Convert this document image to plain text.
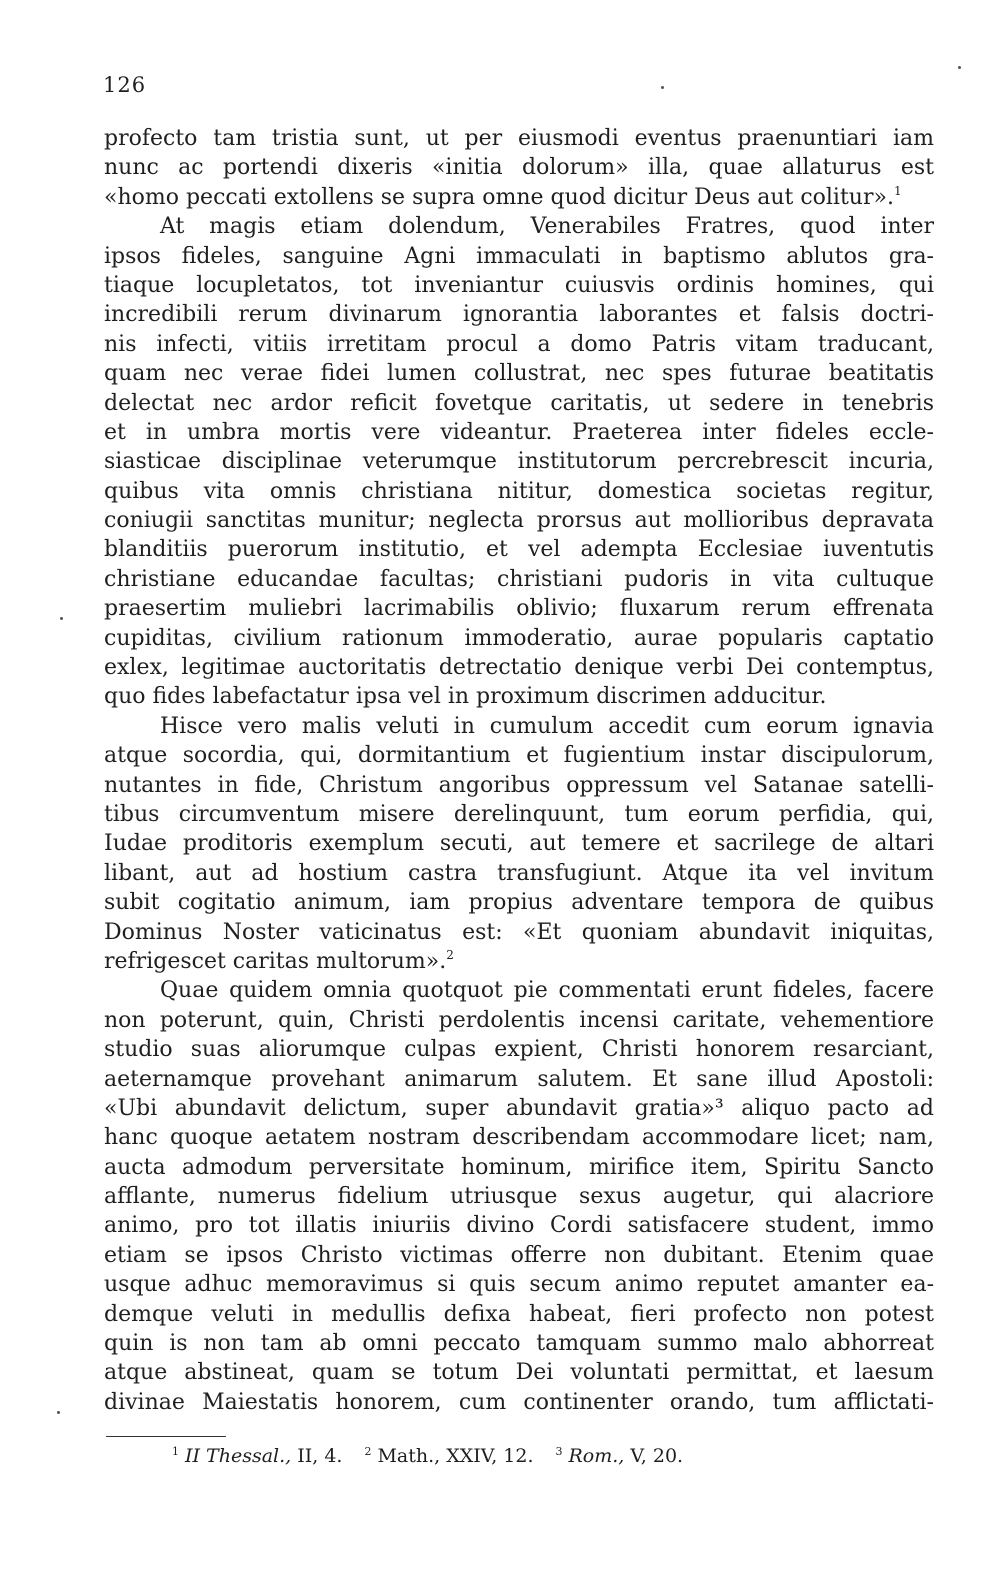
126
profecto tam tristia sunt, ut per eiusmodi eventus praenuntiari iam
nunc ac portendi dixeris «initia dolorum» illa, quae allaturus est
«homo peccati extollens se supra omne quod dicitur Deus aut colitur».$^1$
At magis etiam dolendum, Venerabiles Fratres, quod inter
ipsos fideles, sanguine Agni immaculati in baptismo ablutos gra-
tiaque locupletatos, tot inveniantur cuiusvis ordinis homines, qui
incredibili rerum divinarum ignorantia laborantes et falsis doctri-
nis infecti, vitiis irretitam procul a domo Patris vitam traducant,
quam nec verae fidei lumen collustrat, nec spes futurae beatitatis
delectat nec ardor reficit fovetque caritatis, ut sedere in tenebris
et in umbra mortis vere videantur. Praeterea inter fideles eccle-
siasticae disciplinae veterumque institutorum percrebrescit incuria,
quibus vita omnis christiana nititur, domestica societas regitur,
coniugii sanctitas munitur; neglecta prorsus aut mollioribus depravata
blanditiis puerorum institutio, et vel adempta Ecclesiae iuventutis
christiane educandae facultas; christiani pudoris in vita cultuque
praesertim muliebri lacrimabilis oblivio; fluxarum rerum effrenata
cupiditas, civilium rationum immoderatio, aurae popularis captatio
exlex, legitimae auctoritatis detrectatio denique verbi Dei contemptus,
quo fides labefactatur ipsa vel in proximum discrimen adducitur.
Hisce vero malis veluti in cumulum accedit cum eorum ignavia
atque socordia, qui, dormitantium et fugientium instar discipulorum,
nutantes in fide, Christum angoribus oppressum vel Satanae satelli-
tibus circumventum misere derelinquunt, tum eorum perfidia, qui,
Iudae proditoris exemplum secuti, aut temere et sacrilege de altari
libant, aut ad hostium castra transfugiunt. Atque ita vel invitum
subit cogitatio animum, iam propius adventare tempora de quibus
Dominus Noster vaticinatus est: «Et quoniam abundavit iniquitas,
refrigescet caritas multorum».$^2$
Quae quidem omnia quotquot pie commentati erunt fideles, facere
non poterunt, quin, Christi perdolentis incensi caritate, vehementiore
studio suas aliorumque culpas expient, Christi honorem resarciant,
aeternamque provehant animarum salutem. Et sane illud Apostoli:
«Ubi abundavit delictum, super abundavit gratia»³ aliquo pacto ad
hanc quoque aetatem nostram describendam accommodare licet; nam,
aucta admodum perversitate hominum, mirifice item, Spiritu Sancto
afflante, numerus fidelium utriusque sexus augetur, qui alacriore
animo, pro tot illatis iniuriis divino Cordi satisfacere student, immo
etiam se ipsos Christo victimas offerre non dubitant. Etenim quae
usque adhuc memoravimus si quis secum animo reputet amanter ea-
demque veluti in medullis defixa habeat, fieri profecto non potest
quin is non tam ab omni peccato tamquam summo malo abhorreat
atque abstineat, quam se totum Dei voluntati permittat, et laesum
divinae Maiestatis honorem, cum continenter orando, tum afflictati-
$^1$ II Thessal., II, 4. $^2$ Math., XXIV, 12. $^3$ Rom., V, 20.
